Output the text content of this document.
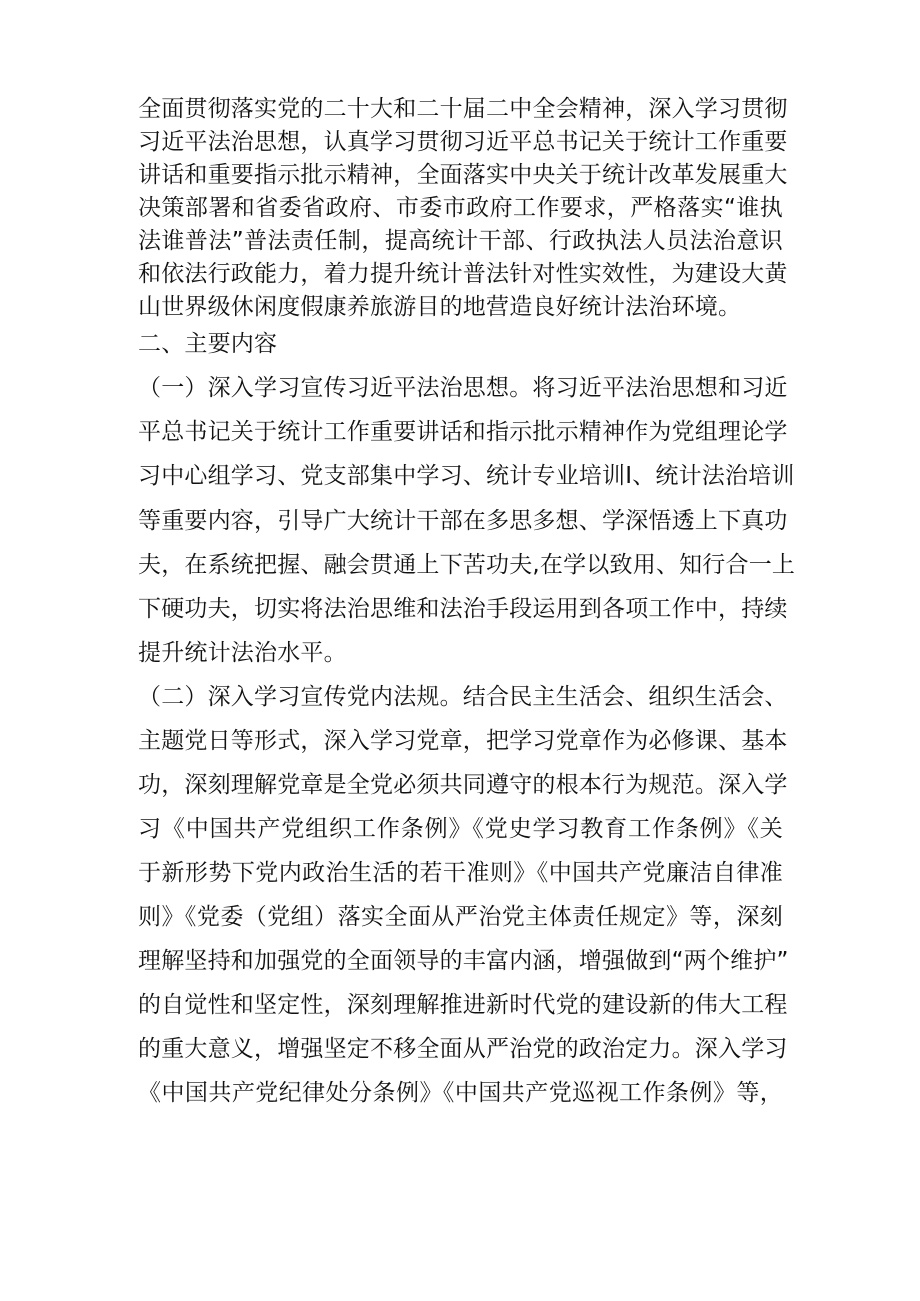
全面贯彻落实党的二十大和二十届二中全会精神，深入学习贯彻
习近平法治思想，认真学习贯彻习近平总书记关于统计工作重要
讲话和重要指示批示精神，全面落实中央关于统计改革发展重大
决策部署和省委省政府、市委市政府工作要求，严格落实“谁执
法谁普法”普法责任制，提高统计干部、行政执法人员法治意识
和依法行政能力，着力提升统计普法针对性实效性，为建设大黄
山世界级休闲度假康养旅游目的地营造良好统计法治环境。
二、主要内容
（一）深入学习宣传习近平法治思想。将习近平法治思想和习近
平总书记关于统计工作重要讲话和指示批示精神作为党组理论学
习中心组学习、党支部集中学习、统计专业培训I、统计法治培训
等重要内容，引导广大统计干部在多思多想、学深悟透上下真功
夫，在系统把握、融会贯通上下苦功夫,在学以致用、知行合一上
下硬功夫，切实将法治思维和法治手段运用到各项工作中，持续
提升统计法治水平。
（二）深入学习宣传党内法规。结合民主生活会、组织生活会、
主题党日等形式，深入学习党章，把学习党章作为必修课、基本
功，深刻理解党章是全党必须共同遵守的根本行为规范。深入学
习《中国共产党组织工作条例》《党史学习教育工作条例》《关
于新形势下党内政治生活的若干准则》《中国共产党廉洁自律准
则》《党委（党组）落实全面从严治党主体责任规定》等，深刻
理解坚持和加强党的全面领导的丰富内涵，增强做到“两个维护”
的自觉性和坚定性，深刻理解推进新时代党的建设新的伟大工程
的重大意义，增强坚定不移全面从严治党的政治定力。深入学习
《中国共产党纪律处分条例》《中国共产党巡视工作条例》等，
